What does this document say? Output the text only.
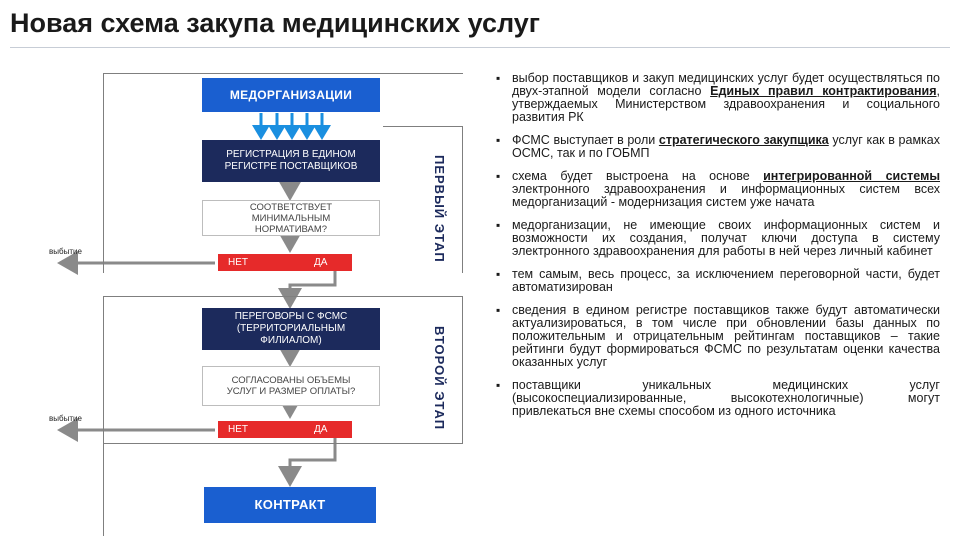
Новая схема закупа медицинских услуг
МЕДОРГАНИЗАЦИИ
РЕГИСТРАЦИЯ В ЕДИНОМ РЕГИСТРЕ ПОСТАВЩИКОВ
СООТВЕТСТВУЕТ МИНИМАЛЬНЫМ НОРМАТИВАМ?
НЕТ	ДА
выбытие	ПЕРВЫЙ ЭТАП
ПЕРЕГОВОРЫ С ФСМС (ТЕРРИТОРИАЛЬНЫМ ФИЛИАЛОМ)
СОГЛАСОВАНЫ ОБЪЕМЫ УСЛУГ И РАЗМЕР ОПЛАТЫ?
НЕТ	ДА
выбытие	ВТОРОЙ ЭТАП
КОНТРАКТ
▪ выбор поставщиков и закуп медицинских услуг будет осуществляться по двух-этапной модели согласно Единых правил контрактирования, утверждаемых Министерством здравоохранения и социального развития РК
▪ ФСМС выступает в роли стратегического закупщика услуг как в рамках ОСМС, так и по ГОБМП
▪ схема будет выстроена на основе интегрированной системы электронного здравоохранения и информационных систем всех медорганизаций - модернизация систем уже начата
▪ медорганизации, не имеющие своих информационных систем и возможности их создания, получат ключи доступа в систему электронного здравоохранения для работы в ней через личный кабинет
▪ тем самым, весь процесс, за исключением переговорной части, будет автоматизирован
▪ сведения в едином регистре поставщиков также будут автоматически актуализироваться, в том числе при обновлении базы данных по положительным и отрицательным рейтингам поставщиков – такие рейтинги будут формироваться ФСМС по результатам оценки качества оказанных услуг
▪ поставщики уникальных медицинских услуг (высокоспециализированные, высокотехнологичные) могут привлекаться вне схемы способом из одного источника
